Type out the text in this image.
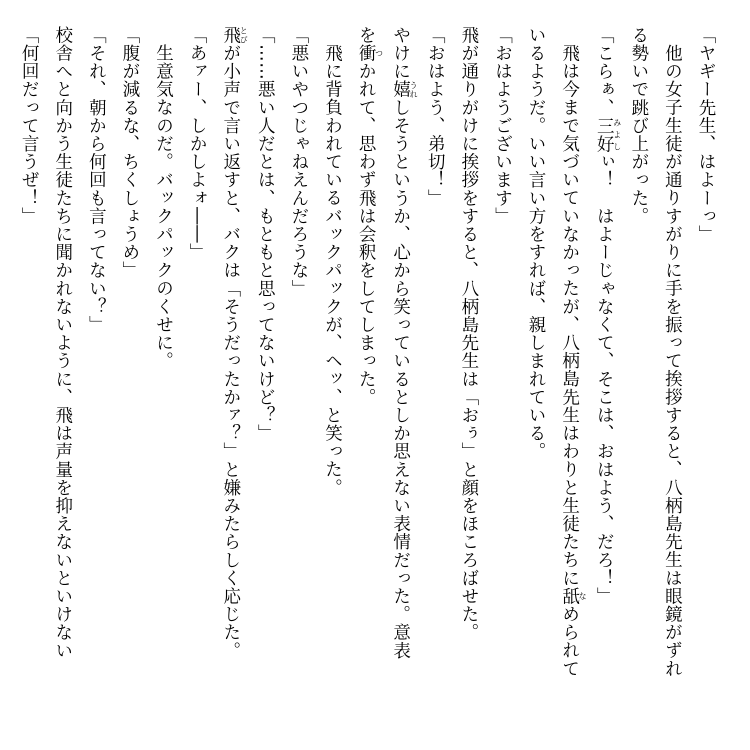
「ヤギー先生、はよーっ」
他の女子生徒が通りすがりに手を振って挨拶すると、八柄島先生は眼鏡がずれ
る勢いで跳び上がった。
「こらぁ、三好みよしぃ！　はよーじゃなくて、そこは、おはよう、だろ！」
飛は今まで気づいていなかったが、八柄島先生はわりと生徒たちに舐なめられて
いるようだ。いい言い方をすれば、親しまれている。
「おはようございます」
飛が通りがけに挨拶をすると、八柄島先生は「おぅ」と顔をほころばせた。
「おはよう、弟切！」
やけに嬉うれしそうというか、心から笑っているとしか思えない表情だった。意表
を衝つかれて、思わず飛は会釈をしてしまった。
飛に背負われているバックパックが、ヘッ、と笑った。
「悪いやつじゃねえんだろうな」
「……悪い人だとは、もともと思ってないけど？」
飛とびが小声で言い返すと、バクは「そうだったかァ？」と嫌みたらしく応じた。
「あァー、しかしよォ――」
生意気なのだ。バックパックのくせに。
「腹が減るな、ちくしょうめ」
「それ、朝から何回も言ってない？」
校舎へと向かう生徒たちに聞かれないように、飛は声量を抑えないといけない
「何回だって言うぜ！」
